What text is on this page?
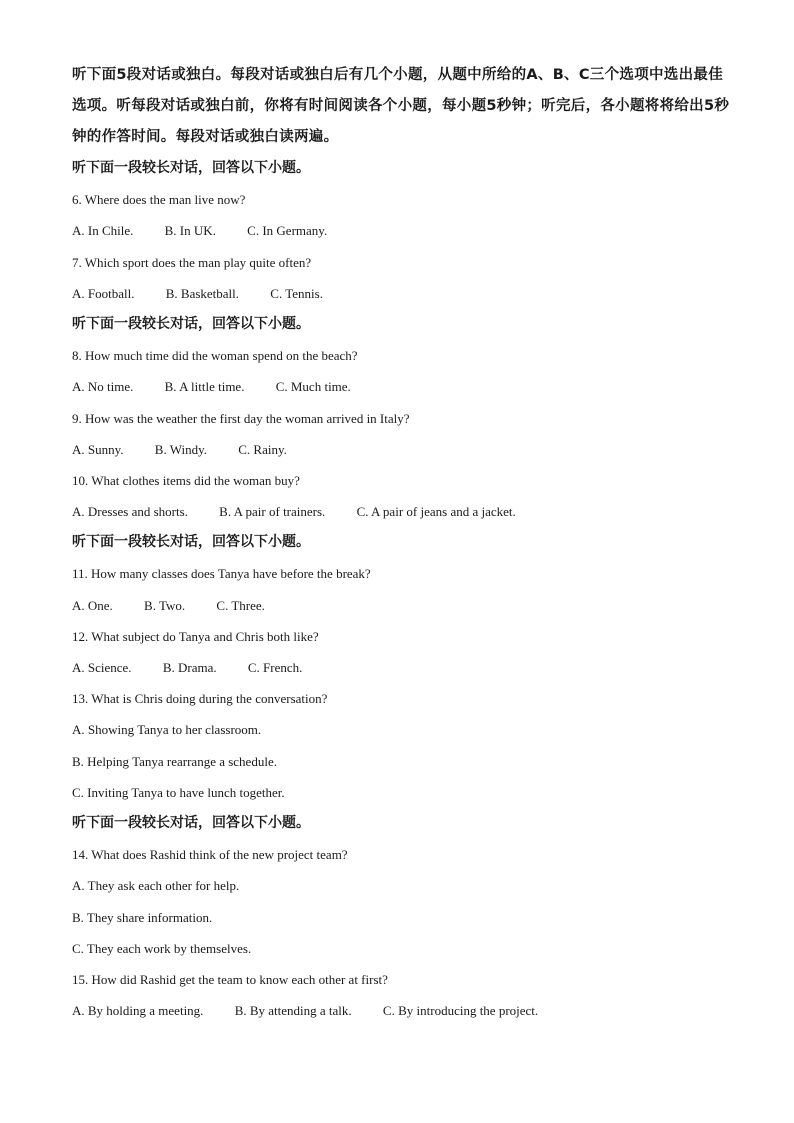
听下面5段对话或独白。每段对话或独白后有几个小题，从题中所给的A、B、C三个选项中选出最佳选项。听每段对话或独白前，你将有时间阅读各个小题，每小题5秒钟；听完后，各小题将将给出5秒钟的作答时间。每段对话或独白读两遍。

听下面一段较长对话，回答以下小题。

6. Where does the man live now?

A. In Chile. B. In UK. C. In Germany.

7. Which sport does the man play quite often?

A. Football. B. Basketball. C. Tennis.

听下面一段较长对话，回答以下小题。

8. How much time did the woman spend on the beach?

A. No time. B. A little time. C. Much time.

9. How was the weather the first day the woman arrived in Italy?

A. Sunny. B. Windy. C. Rainy.

10. What clothes items did the woman buy?

A. Dresses and shorts. B. A pair of trainers. C. A pair of jeans and a jacket.

听下面一段较长对话，回答以下小题。

11. How many classes does Tanya have before the break?

A. One. B. Two. C. Three.

12. What subject do Tanya and Chris both like?

A. Science. B. Drama. C. French.

13. What is Chris doing during the conversation?

A. Showing Tanya to her classroom.

B. Helping Tanya rearrange a schedule.

C. Inviting Tanya to have lunch together.

听下面一段较长对话，回答以下小题。

14. What does Rashid think of the new project team?

A. They ask each other for help.

B. They share information.

C. They each work by themselves.

15. How did Rashid get the team to know each other at first?

A. By holding a meeting. B. By attending a talk. C. By introducing the project.
